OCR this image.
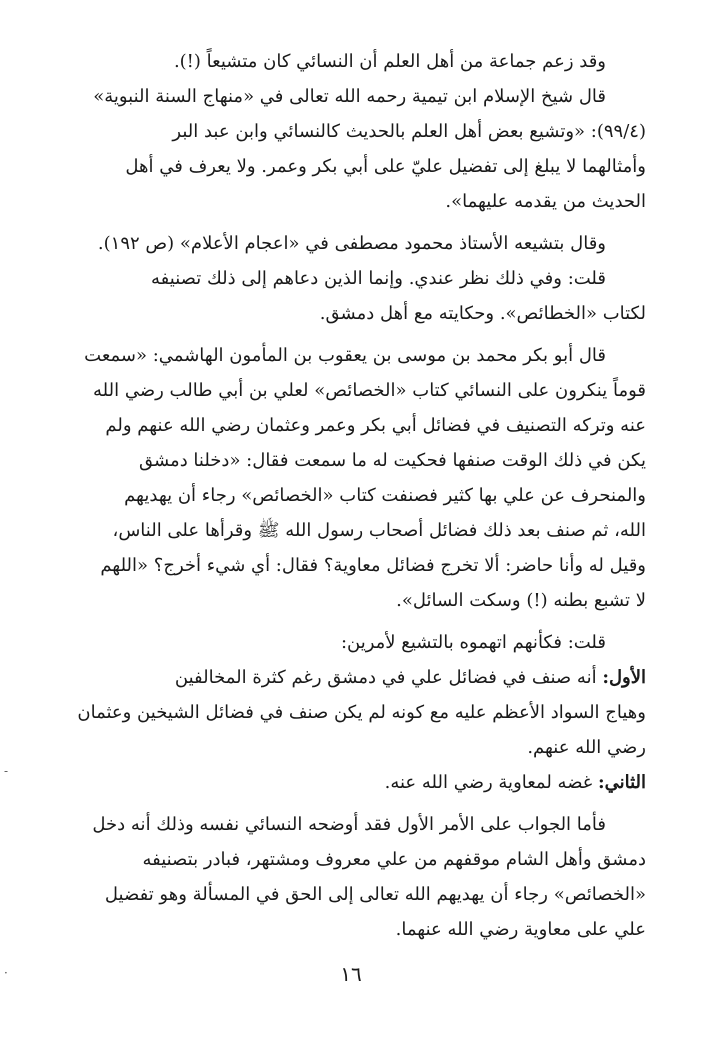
وقد زعم جماعة من أهل العلم أن النسائي كان متشيعاً (!).
قال شيخ الإسلام ابن تيمية رحمه الله تعالى في «منهاج السنة النبوية»
(٩٩/٤): «وتشيع بعض أهل العلم بالحديث كالنسائي وابن عبد البر
وأمثالهما لا يبلغ إلى تفضيل عليّ على أبي بكر وعمر. ولا يعرف في أهل
الحديث من يقدمه عليهما».
وقال بتشيعه الأستاذ محمود مصطفى في «اعجام الأعلام» (ص ١٩٢).
قلت: وفي ذلك نظر عندي. وإنما الذين دعاهم إلى ذلك تصنيفه
لكتاب «الخطائص». وحكايته مع أهل دمشق.
قال أبو بكر محمد بن موسى بن يعقوب بن المأمون الهاشمي: «سمعت
قوماً ينكرون على النسائي كتاب «الخصائص» لعلي بن أبي طالب رضي الله
عنه وتركه التصنيف في فضائل أبي بكر وعمر وعثمان رضي الله عنهم ولم
يكن في ذلك الوقت صنفها فحكيت له ما سمعت فقال: «دخلنا دمشق
والمنحرف عن علي بها كثير فصنفت كتاب «الخصائص» رجاء أن يهديهم
الله، ثم صنف بعد ذلك فضائل أصحاب رسول الله ﷺ وقرأها على الناس،
وقيل له وأنا حاضر: ألا تخرج فضائل معاوية؟ فقال: أي شيء أخرج؟ «اللهم
لا تشبع بطنه (!) وسكت السائل».
قلت: فكأنهم اتهموه بالتشيع لأمرين:
الأول: أنه صنف في فضائل علي في دمشق رغم كثرة المخالفين
وهياج السواد الأعظم عليه مع كونه لم يكن صنف في فضائل الشيخين وعثمان
رضي الله عنهم.
الثاني: غضه لمعاوية رضي الله عنه.
فأما الجواب على الأمر الأول فقد أوضحه النسائي نفسه وذلك أنه دخل
دمشق وأهل الشام موقفهم من علي معروف ومشتهر، فبادر بتصنيفه
«الخصائص» رجاء أن يهديهم الله تعالى إلى الحق في المسألة وهو تفضيل
علي على معاوية رضي الله عنهما.
١٦
·
-
